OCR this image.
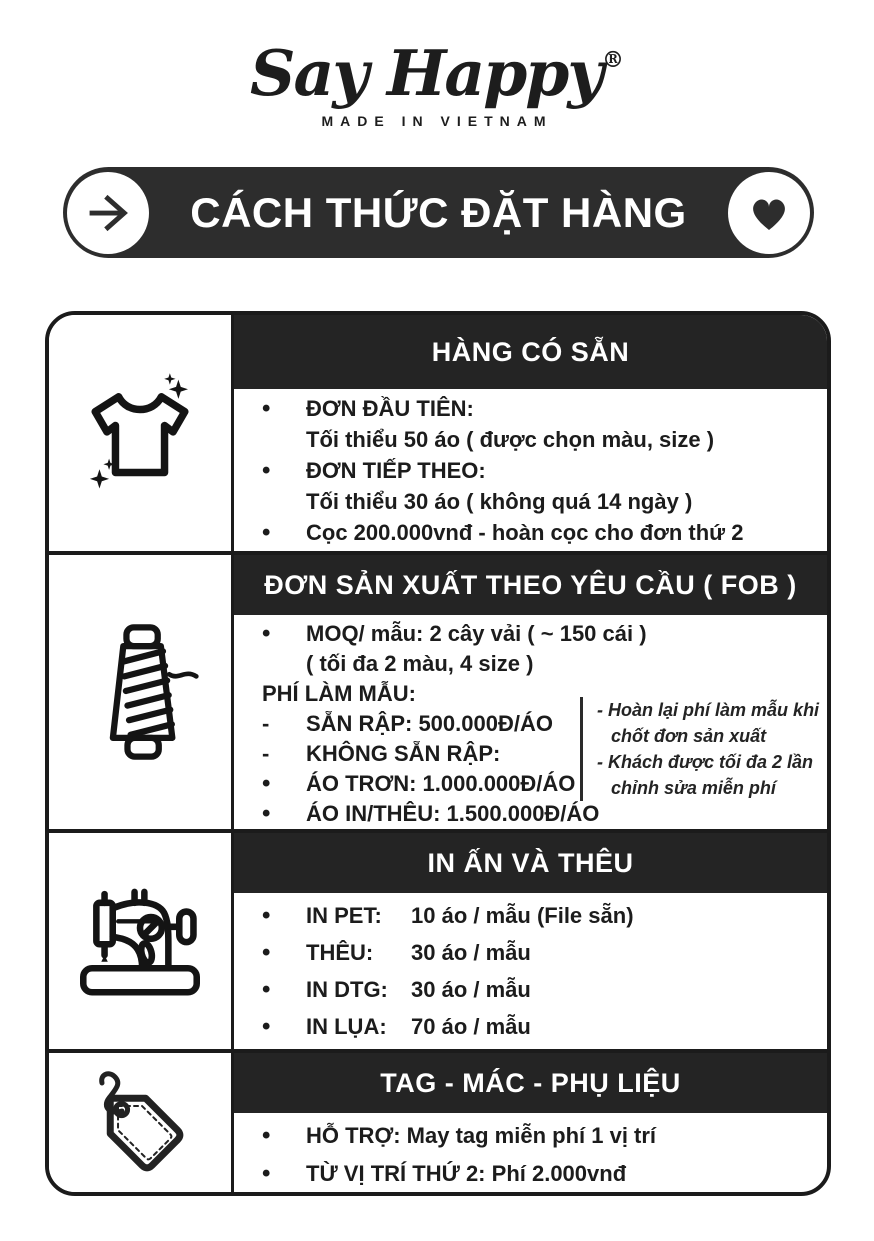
Say Happy®
MADE IN VIETNAM
CÁCH THỨC ĐẶT HÀNG
HÀNG CÓ SẴN
•	ĐƠN ĐẦU TIÊN:
Tối thiểu 50 áo ( được chọn màu, size )
•	ĐƠN TIẾP THEO:
Tối thiểu 30 áo ( không quá 14 ngày )
•	Cọc 200.000vnđ - hoàn cọc cho đơn thứ 2
ĐƠN SẢN XUẤT THEO YÊU CẦU ( FOB )
•	MOQ/ mẫu: 2 cây vải ( ~ 150 cái )
( tối đa 2 màu, 4 size )
PHÍ LÀM MẪU:
-	SẴN RẬP: 500.000Đ/ÁO
-	KHÔNG SẴN RẬP:
•	ÁO TRƠN: 1.000.000Đ/ÁO
•	ÁO IN/THÊU: 1.500.000Đ/ÁO
- Hoàn lại phí làm mẫu khi chốt đơn sản xuất
- Khách được tối đa 2 lần chỉnh sửa miễn phí
IN ẤN VÀ THÊU
•	IN PET:	10 áo / mẫu (File sẵn)
•	THÊU:	30 áo / mẫu
•	IN DTG:	30 áo / mẫu
•	IN LỤA:	70 áo / mẫu
TAG - MÁC - PHỤ LIỆU
•	HỖ TRỢ: May tag miễn phí 1 vị trí
•	TỪ VỊ TRÍ THỨ 2: Phí 2.000vnđ
